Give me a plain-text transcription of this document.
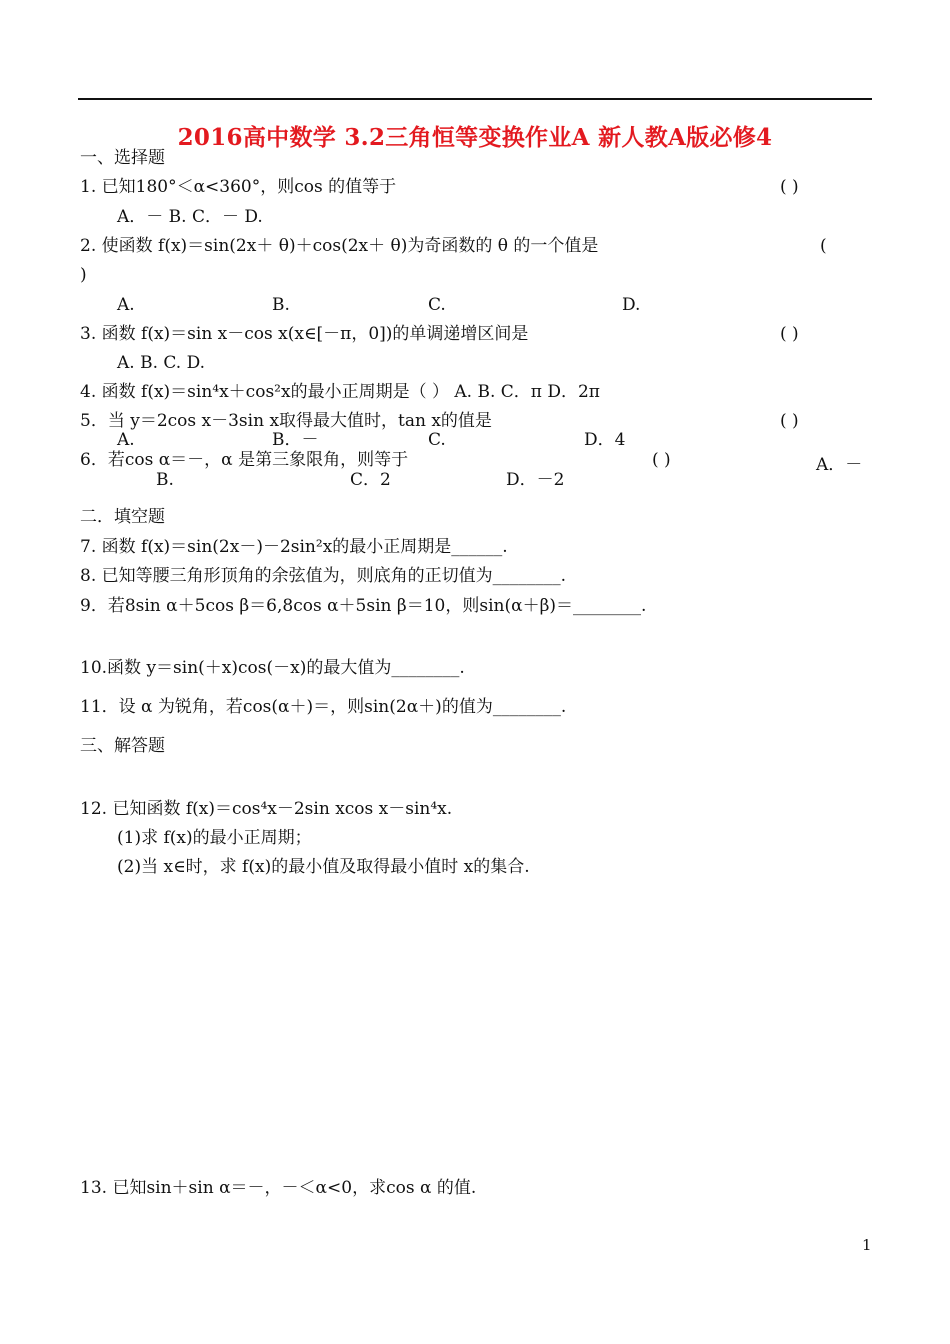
2016高中数学 3.2三角恒等变换作业A 新人教A版必修4
一、选择题
1. 已知180°＜α<360°，则cos 的值等于	( )
A．－ B. C．－ D.
2. 使函数 f(x)＝sin(2x＋ θ)＋cos(2x＋ θ)为奇函数的 θ 的一个值是	(
)
A.	B.	C.	D.
3. 函数 f(x)＝sin x－cos x(x∈[－π，0])的单调递增区间是	( )
A. B. C. D.
4. 函数 f(x)＝sin⁴x＋cos²x的最小正周期是（ ） A. B. C．π D．2π
5．当 y＝2cos x－3sin x取得最大值时，tan x的值是	( )
A.	B．－	C.	D．4
6．若cos α＝－，α 是第三象限角，则等于	( )	A．－
B.	C．2	D．－2
二．填空题
7. 函数 f(x)＝sin(2x－)－2sin²x的最小正周期是______.
8. 已知等腰三角形顶角的余弦值为，则底角的正切值为________.
9．若8sin α＋5cos β＝6,8cos α＋5sin β＝10，则sin(α＋β)＝________.
10.函数 y＝sin(＋x)cos(－x)的最大值为________.
11．设 α 为锐角，若cos(α＋)＝，则sin(2α＋)的值为________.
三、解答题
12. 已知函数 f(x)＝cos⁴x－2sin xcos x－sin⁴x.
(1)求 f(x)的最小正周期；
(2)当 x∈时，求 f(x)的最小值及取得最小值时 x的集合.
13. 已知sin＋sin α＝－，－＜α<0，求cos α 的值.
1
